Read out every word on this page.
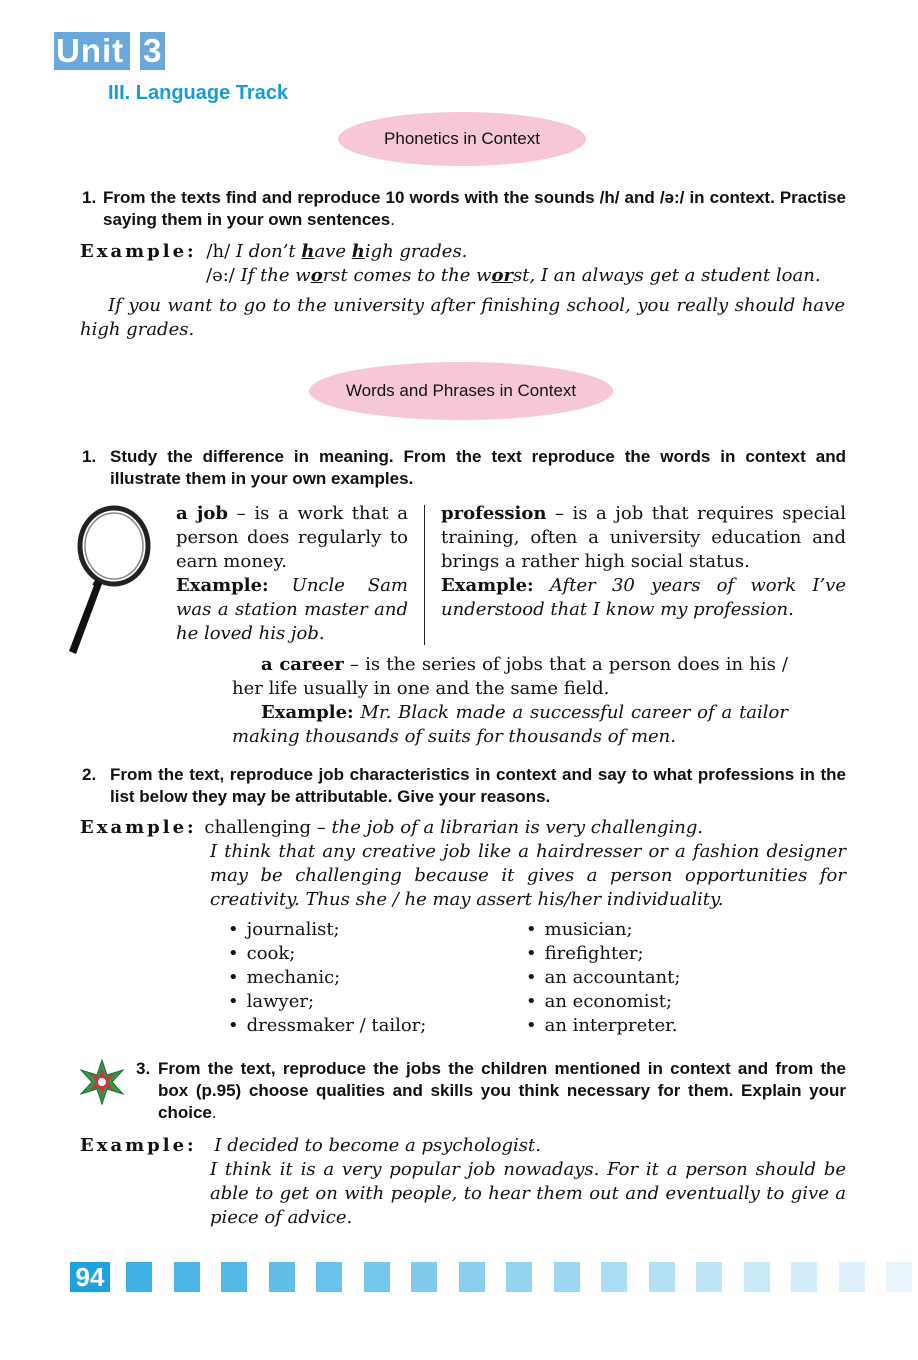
Unit 3
III. Language Track
Phonetics in Context
1. From the texts find and reproduce 10 words with the sounds /h/ and /ə:/ in context. Practise saying them in your own sentences.
Example: /h/ I don’t have high grades.
/ə:/ If the worst comes to the worst, I an always get a student loan.
If you want to go to the university after finishing school, you really should have high grades.
Words and Phrases in Context
1. Study the difference in meaning. From the text reproduce the words in context and illustrate them in your own examples.
a job – is a work that a person does regularly to earn money.
Example: Uncle Sam was a station master and he loved his job.
profession – is a job that requires special training, often a university education and brings a rather high social status.
Example: After 30 years of work I’ve understood that I know my profession.
a career – is the series of jobs that a person does in his / her life usually in one and the same field.
Example: Mr. Black made a successful career of a tailor making thousands of suits for thousands of men.
2. From the text, reproduce job characteristics in context and say to what professions in the list below they may be attributable. Give your reasons.
Example: challenging – the job of a librarian is very challenging.
I think that any creative job like a hairdresser or a fashion designer may be challenging because it gives a person opportunities for creativity. Thus she / he may assert his/her individuality.
• journalist;
• cook;
• mechanic;
• lawyer;
• dressmaker / tailor;
• musician;
• firefighter;
• an accountant;
• an economist;
• an interpreter.
3. From the text, reproduce the jobs the children mentioned in context and from the box (p.95) choose qualities and skills you think necessary for them. Explain your choice.
Example: I decided to become a psychologist.
I think it is a very popular job nowadays. For it a person should be able to get on with people, to hear them out and eventually to give a piece of advice.
94
